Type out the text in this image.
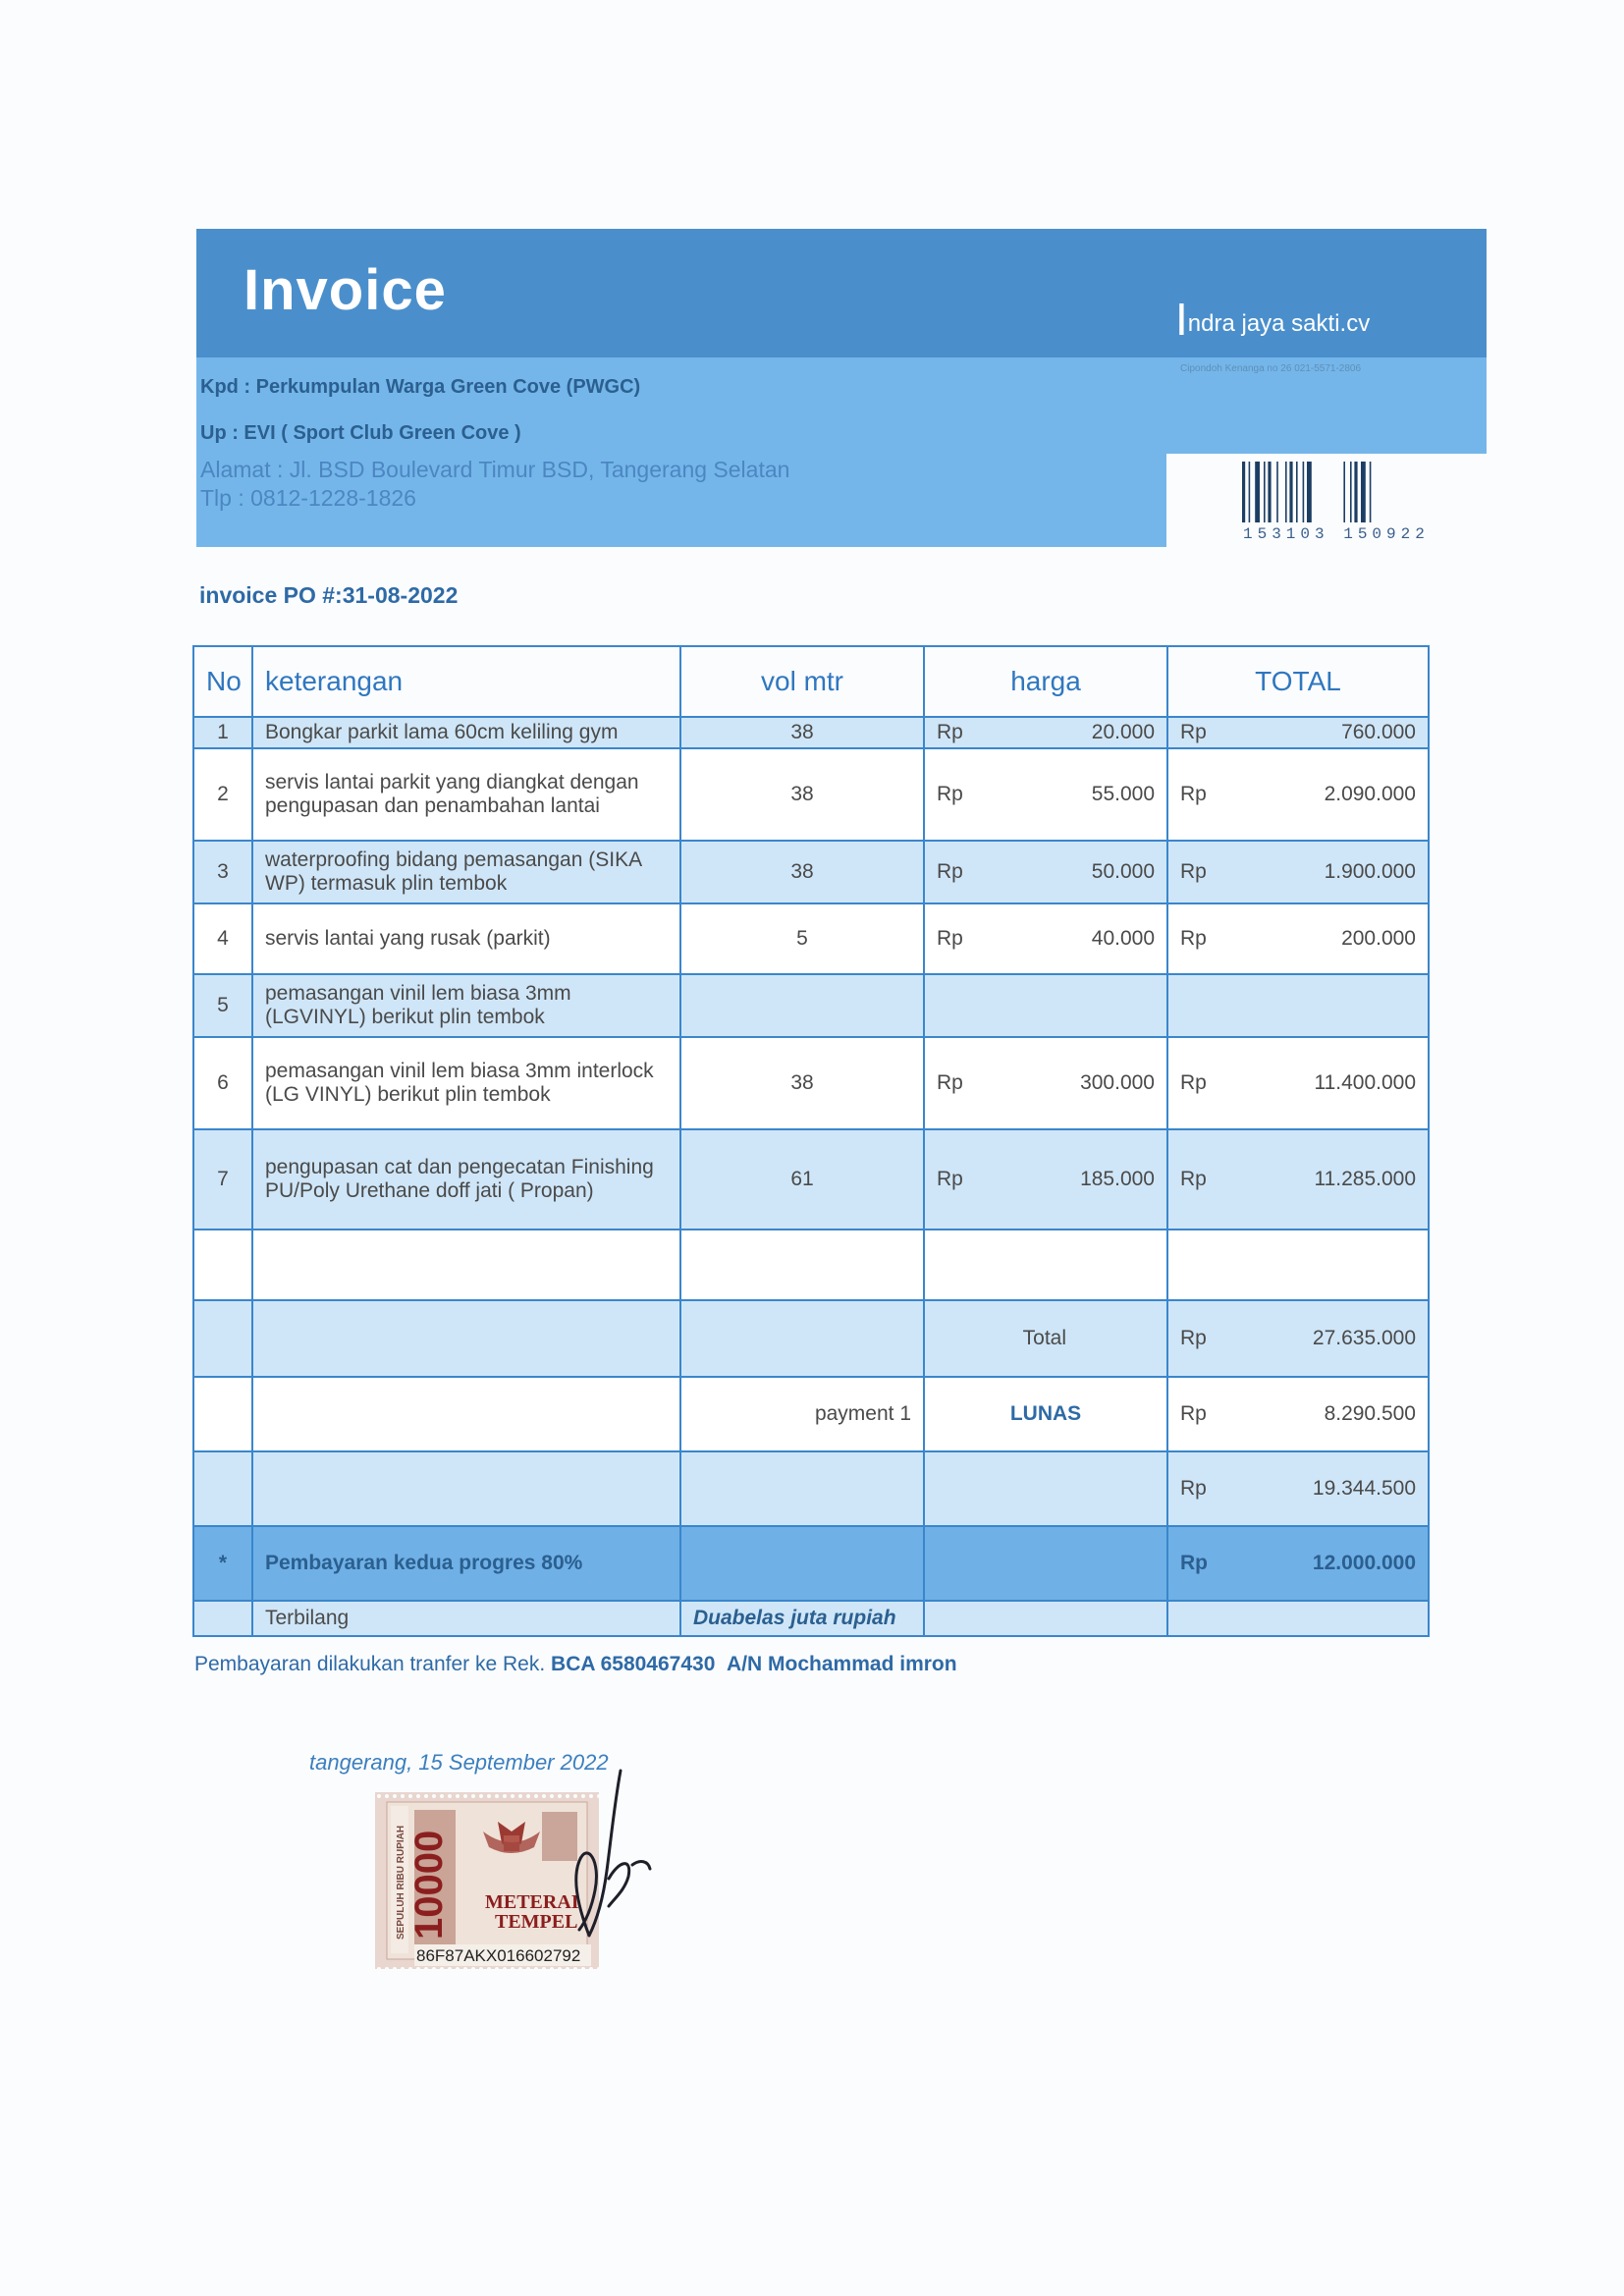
Invoice	Indra jaya sakti.cv
Cipondoh Kenanga no 26 021-5571-2806
Kpd : Perkumpulan Warga Green Cove (PWGC)
Up : EVI ( Sport Club Green Cove )
Alamat : Jl. BSD Boulevard Timur BSD, Tangerang Selatan
Tlp : 0812-1228-1826
153103 150922
invoice PO #:31-08-2022
No	keterangan	vol mtr	harga	TOTAL
1	Bongkar parkit lama 60cm keliling gym	38	Rp 20.000	Rp 760.000

2	servis lantai parkit yang diangkat dengan pengupasan dan penambahan lantai	38	Rp 55.000	Rp 2.090.000

3	waterproofing bidang pemasangan (SIKA WP) termasuk plin tembok	38	Rp 50.000	Rp 1.900.000

4	servis lantai yang rusak (parkit)	5	Rp 40.000	Rp 200.000

5	pemasangan vinil lem biasa 3mm (LGVINYL) berikut plin tembok			
6	pemasangan vinil lem biasa 3mm interlock (LG VINYL) berikut plin tembok	38	Rp 300.000	Rp 11.400.000

7	pengupasan cat dan pengecatan Finishing PU/Poly Urethane doff jati ( Propan)	61	Rp 185.000	Rp 11.285.000

			Total	Rp 27.635.000

		payment 1	LUNAS	Rp 8.290.500

				Rp 19.344.500

*	Pembayaran kedua progres 80%			Rp 12.000.000

	Terbilang	Duabelas juta rupiah		
Pembayaran dilakukan tranfer ke Rek. BCA 6580467430 A/N Mochammad imron
tangerang, 15 September 2022
SEPULUH RIBU RUPIAH 10000 METERAI
TEMPEL
86F87AKX016602792
